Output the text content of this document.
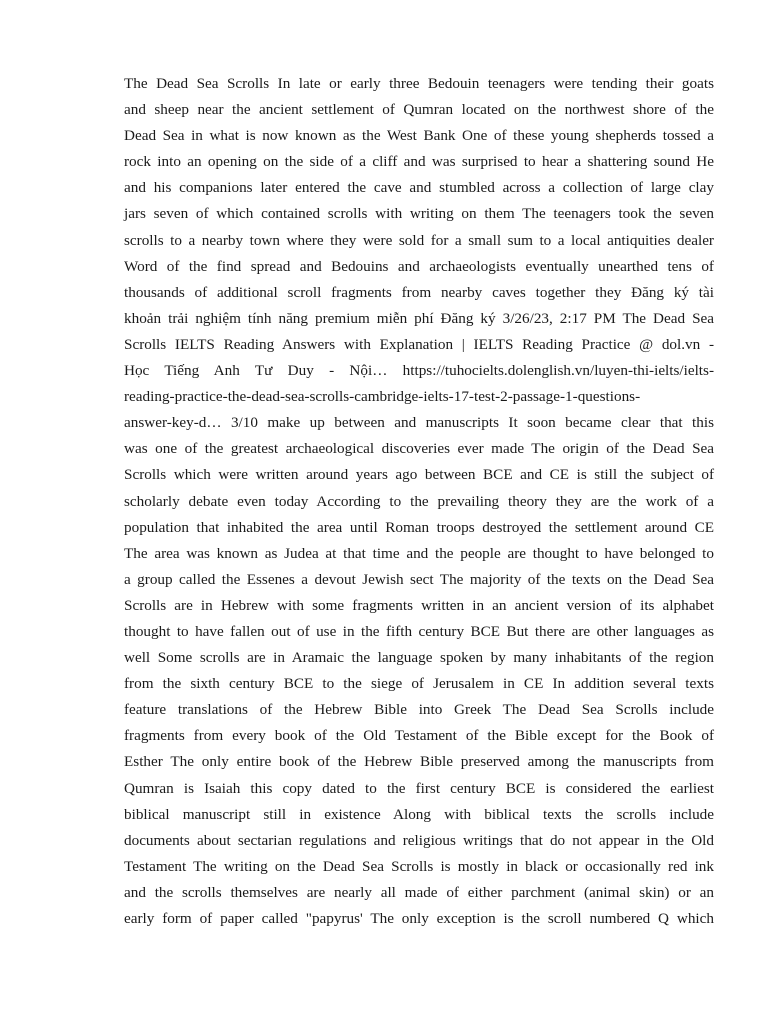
The Dead Sea Scrolls In late or early three Bedouin teenagers were tending their goats
and sheep near the ancient settlement of Qumran located on the northwest shore of the
Dead Sea in what is now known as the West Bank One of these young shepherds tossed a
rock into an opening on the side of a cliff and was surprised to hear a shattering sound He
and his companions later entered the cave and stumbled across a collection of large clay
jars seven of which contained scrolls with writing on them The teenagers took the seven
scrolls to a nearby town where they were sold for a small sum to a local antiquities dealer
Word of the find spread and Bedouins and archaeologists eventually unearthed tens of
thousands of additional scroll fragments from nearby caves together they Đăng ký tài
khoản trải nghiệm tính năng premium miễn phí Đăng ký 3/26/23, 2:17 PM The Dead Sea
Scrolls IELTS Reading Answers with Explanation | IELTS Reading Practice @ dol.vn -
Học Tiếng Anh Tư Duy - Nội… https://tuhocielts.dolenglish.vn/luyen-thi-ielts/ielts-
reading-practice-the-dead-sea-scrolls-cambridge-ielts-17-test-2-passage-1-questions-
answer-key-d… 3/10 make up between and manuscripts It soon became clear that this
was one of the greatest archaeological discoveries ever made The origin of the Dead Sea
Scrolls which were written around years ago between BCE and CE is still the subject of
scholarly debate even today According to the prevailing theory they are the work of a
population that inhabited the area until Roman troops destroyed the settlement around CE
The area was known as Judea at that time and the people are thought to have belonged to
a group called the Essenes a devout Jewish sect The majority of the texts on the Dead Sea
Scrolls are in Hebrew with some fragments written in an ancient version of its alphabet
thought to have fallen out of use in the fifth century BCE But there are other languages as
well Some scrolls are in Aramaic the language spoken by many inhabitants of the region
from the sixth century BCE to the siege of Jerusalem in CE In addition several texts
feature translations of the Hebrew Bible into Greek The Dead Sea Scrolls include
fragments from every book of the Old Testament of the Bible except for the Book of
Esther The only entire book of the Hebrew Bible preserved among the manuscripts from
Qumran is Isaiah this copy dated to the first century BCE is considered the earliest
biblical manuscript still in existence Along with biblical texts the scrolls include
documents about sectarian regulations and religious writings that do not appear in the Old
Testament The writing on the Dead Sea Scrolls is mostly in black or occasionally red ink
and the scrolls themselves are nearly all made of either parchment (animal skin) or an
early form of paper called "papyrus' The only exception is the scroll numbered Q which
